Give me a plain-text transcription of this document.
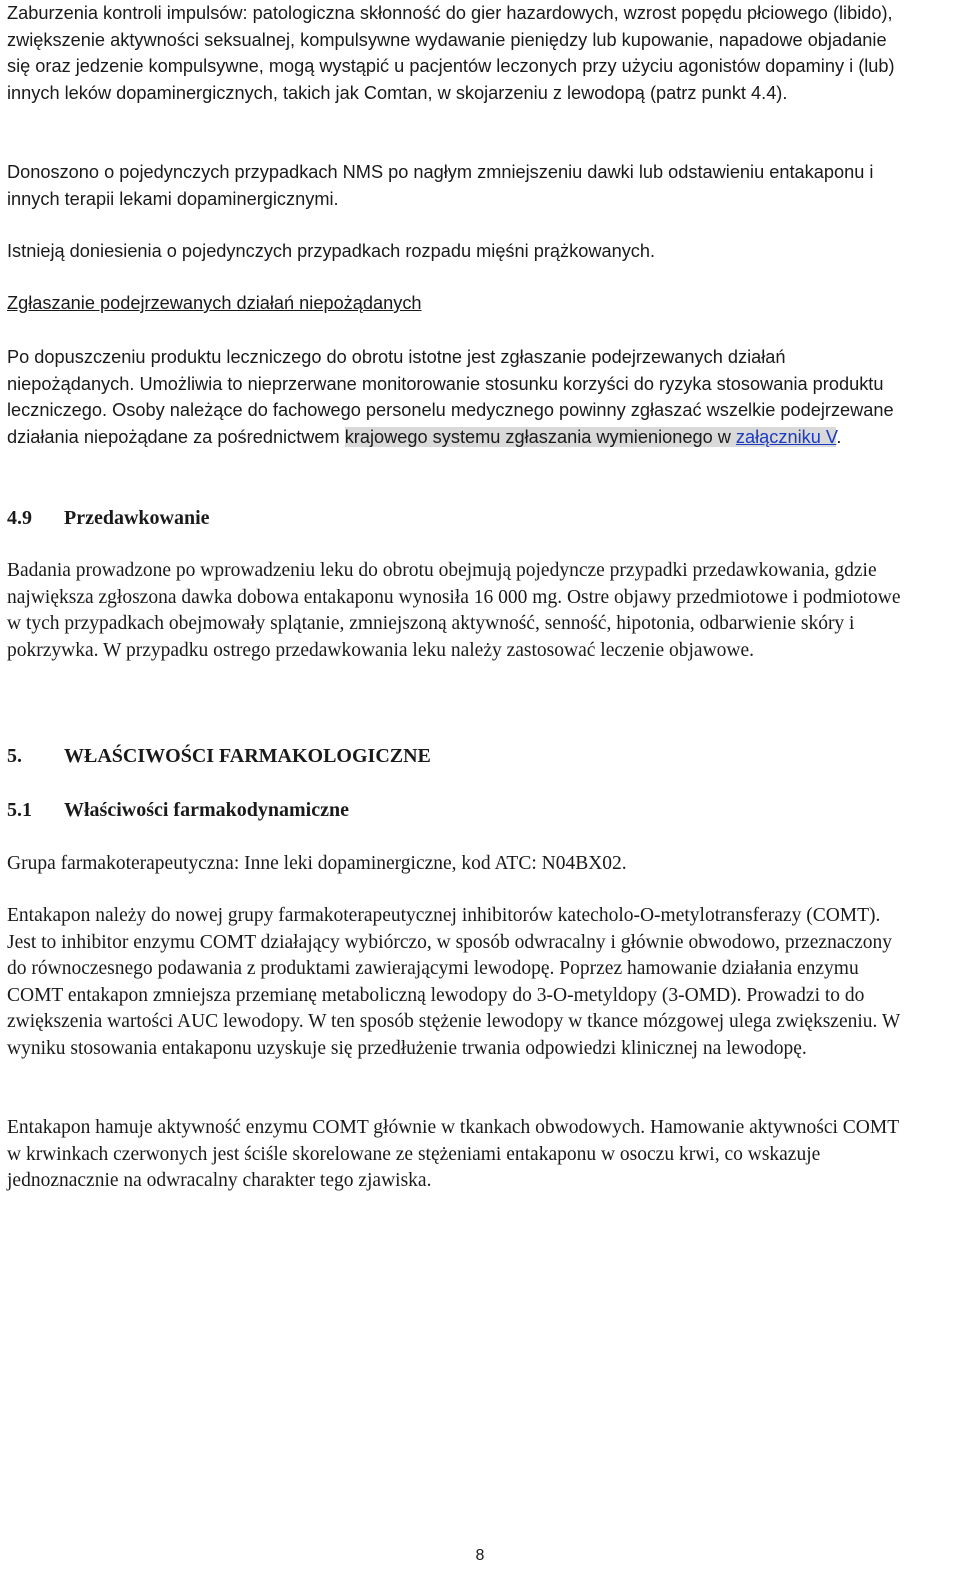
Zaburzenia kontroli impulsów: patologiczna skłonność do gier hazardowych, wzrost popędu płciowego (libido), zwiększenie aktywności seksualnej, kompulsywne wydawanie pieniędzy lub kupowanie, napadowe objadanie się oraz jedzenie kompulsywne, mogą wystąpić u pacjentów leczonych przy użyciu agonistów dopaminy i (lub) innych leków dopaminergicznych, takich jak Comtan, w skojarzeniu z lewodopą (patrz punkt 4.4).

Donoszono o pojedynczych przypadkach NMS po nagłym zmniejszeniu dawki lub odstawieniu entakaponu i innych terapii lekami dopaminergicznymi.

Istnieją doniesienia o pojedynczych przypadkach rozpadu mięśni prążkowanych.

Zgłaszanie podejrzewanych działań niepożądanych

Po dopuszczeniu produktu leczniczego do obrotu istotne jest zgłaszanie podejrzewanych działań niepożądanych. Umożliwia to nieprzerwane monitorowanie stosunku korzyści do ryzyka stosowania produktu leczniczego. Osoby należące do fachowego personelu medycznego powinny zgłaszać wszelkie podejrzewane działania niepożądane za pośrednictwem krajowego systemu zgłaszania wymienionego w załączniku V.

4.9	Przedawkowanie

Badania prowadzone po wprowadzeniu leku do obrotu obejmują pojedyncze przypadki przedawkowania, gdzie największa zgłoszona dawka dobowa entakaponu wynosiła 16 000 mg. Ostre objawy przedmiotowe i podmiotowe w tych przypadkach obejmowały splątanie, zmniejszoną aktywność, senność, hipotonia, odbarwienie skóry i pokrzywka. W przypadku ostrego przedawkowania leku należy zastosować leczenie objawowe.

5.	WŁAŚCIWOŚCI FARMAKOLOGICZNE
5.1	Właściwości farmakodynamiczne

Grupa farmakoterapeutyczna: Inne leki dopaminergiczne, kod ATC: N04BX02.

Entakapon należy do nowej grupy farmakoterapeutycznej inhibitorów katecholo-O-metylotransferazy (COMT). Jest to inhibitor enzymu COMT działający wybiórczo, w sposób odwracalny i głównie obwodowo, przeznaczony do równoczesnego podawania z produktami zawierającymi lewodopę. Poprzez hamowanie działania enzymu COMT entakapon zmniejsza przemianę metaboliczną lewodopy do 3-O-metyldopy (3-OMD). Prowadzi to do zwiększenia wartości AUC lewodopy. W ten sposób stężenie lewodopy w tkance mózgowej ulega zwiększeniu. W wyniku stosowania entakaponu uzyskuje się przedłużenie trwania odpowiedzi klinicznej na lewodopę.

Entakapon hamuje aktywność enzymu COMT głównie w tkankach obwodowych. Hamowanie aktywności COMT w krwinkach czerwonych jest ściśle skorelowane ze stężeniami entakaponu w osoczu krwi, co wskazuje jednoznacznie na odwracalny charakter tego zjawiska.

8
